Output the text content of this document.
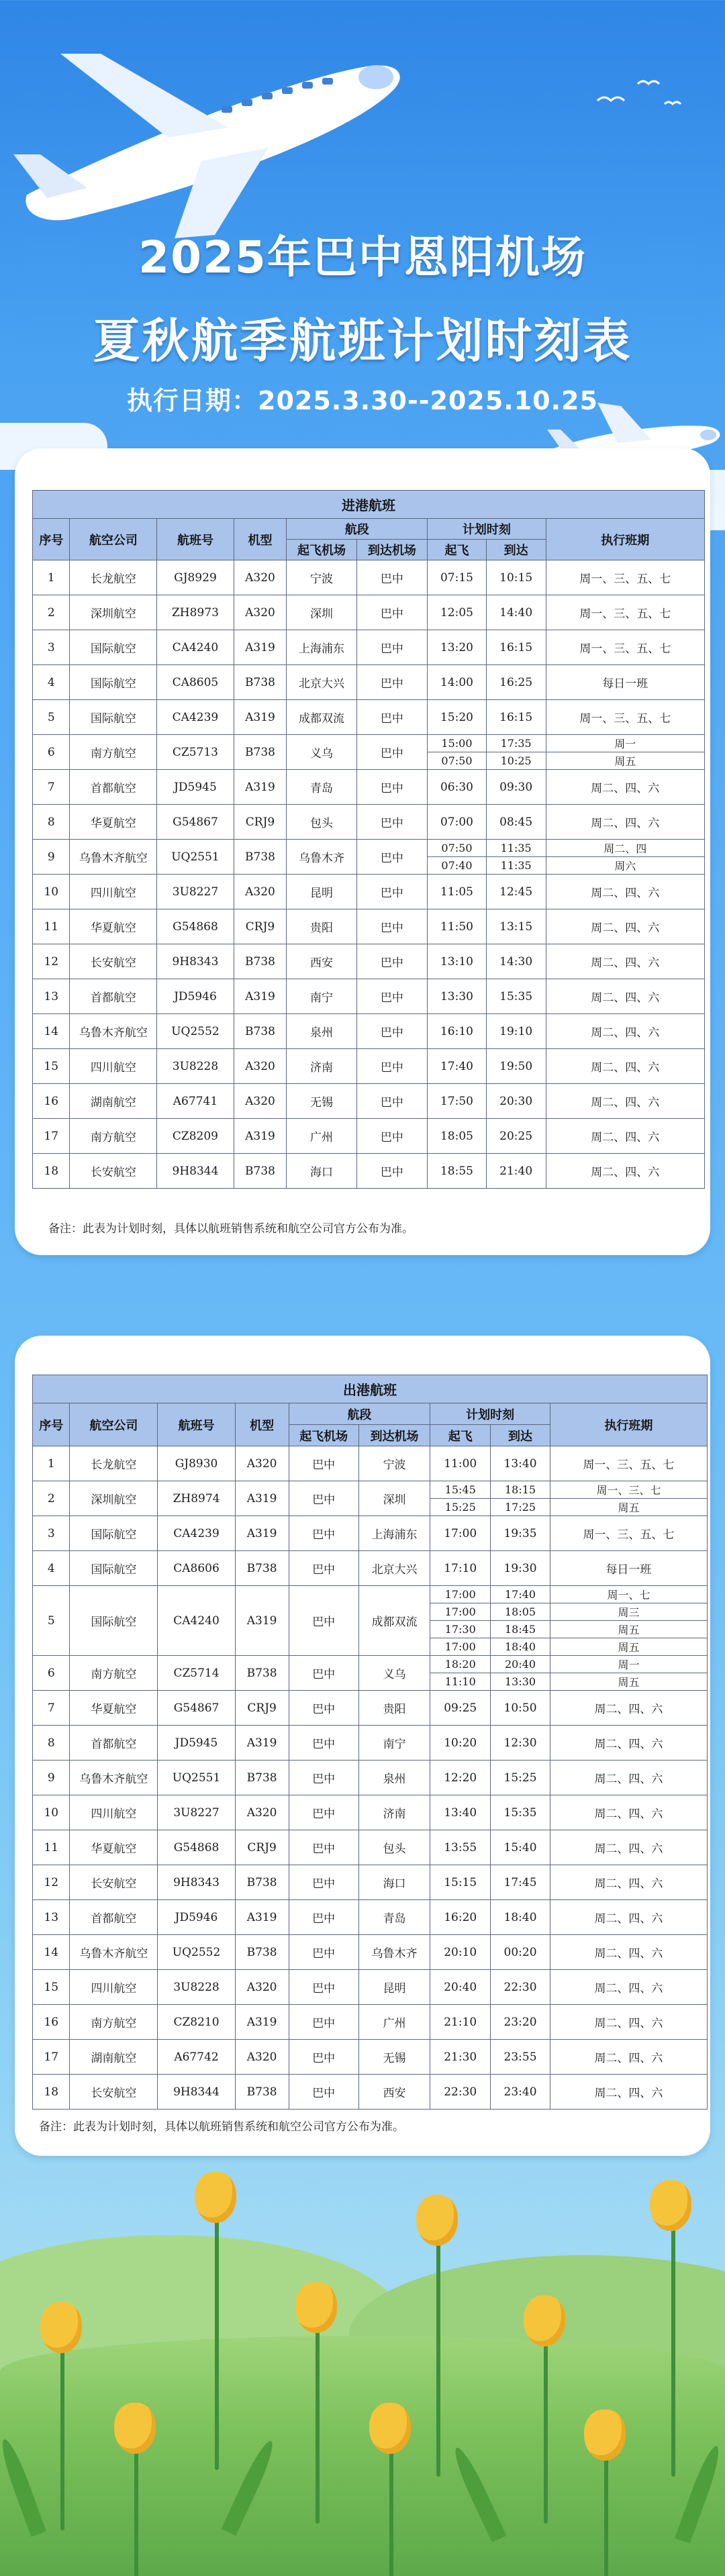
2025年巴中恩阳机场
夏秋航季航班计划时刻表
执行日期：2025.3.30--2025.10.25
进港航班								
序号	航空公司	航班号	机型	航段		计划时刻		执行班期
				起飞机场	到达机场	起飞	到达	
1	长龙航空	GJ8929	A320	宁波	巴中	07:15	10:15	周一、三、五、七
2	深圳航空	ZH8973	A320	深圳	巴中	12:05	14:40	周一、三、五、七
3	国际航空	CA4240	A319	上海浦东	巴中	13:20	16:15	周一、三、五、七
4	国际航空	CA8605	B738	北京大兴	巴中	14:00	16:25	每日一班
5	国际航空	CA4239	A319	成都双流	巴中	15:20	16:15	周一、三、五、七
6	南方航空	CZ5713	B738	义乌	巴中	15:00	17:35	周一
						07:50	10:25	周五
7	首都航空	JD5945	A319	青岛	巴中	06:30	09:30	周二、四、六
8	华夏航空	G54867	CRJ9	包头	巴中	07:00	08:45	周二、四、六
9	乌鲁木齐航空	UQ2551	B738	乌鲁木齐	巴中	07:50	11:35	周二、四
						07:40	11:35	周六
10	四川航空	3U8227	A320	昆明	巴中	11:05	12:45	周二、四、六
11	华夏航空	G54868	CRJ9	贵阳	巴中	11:50	13:15	周二、四、六
12	长安航空	9H8343	B738	西安	巴中	13:10	14:30	周二、四、六
13	首都航空	JD5946	A319	南宁	巴中	13:30	15:35	周二、四、六
14	乌鲁木齐航空	UQ2552	B738	泉州	巴中	16:10	19:10	周二、四、六
15	四川航空	3U8228	A320	济南	巴中	17:40	19:50	周二、四、六
16	湖南航空	A67741	A320	无锡	巴中	17:50	20:30	周二、四、六
17	南方航空	CZ8209	A319	广州	巴中	18:05	20:25	周二、四、六
18	长安航空	9H8344	B738	海口	巴中	18:55	21:40	周二、四、六
备注：此表为计划时刻，具体以航班销售系统和航空公司官方公布为准。
出港航班								
序号	航空公司	航班号	机型	航段		计划时刻		执行班期
				起飞机场	到达机场	起飞	到达	
1	长龙航空	GJ8930	A320	巴中	宁波	11:00	13:40	周一、三、五、七
2	深圳航空	ZH8974	A319	巴中	深圳	15:45	18:15	周一、三、七
						15:25	17:25	周五
3	国际航空	CA4239	A319	巴中	上海浦东	17:00	19:35	周一、三、五、七
4	国际航空	CA8606	B738	巴中	北京大兴	17:10	19:30	每日一班
5	国际航空	CA4240	A319	巴中	成都双流	17:00	17:40	周一、七
						17:00	18:05	周三
						17:30	18:45	周五
						17:00	18:40	周五
6	南方航空	CZ5714	B738	巴中	义乌	18:20	20:40	周一
						11:10	13:30	周五
7	华夏航空	G54867	CRJ9	巴中	贵阳	09:25	10:50	周二、四、六
8	首都航空	JD5945	A319	巴中	南宁	10:20	12:30	周二、四、六
9	乌鲁木齐航空	UQ2551	B738	巴中	泉州	12:20	15:25	周二、四、六
10	四川航空	3U8227	A320	巴中	济南	13:40	15:35	周二、四、六
11	华夏航空	G54868	CRJ9	巴中	包头	13:55	15:40	周二、四、六
12	长安航空	9H8343	B738	巴中	海口	15:15	17:45	周二、四、六
13	首都航空	JD5946	A319	巴中	青岛	16:20	18:40	周二、四、六
14	乌鲁木齐航空	UQ2552	B738	巴中	乌鲁木齐	20:10	00:20	周二、四、六
15	四川航空	3U8228	A320	巴中	昆明	20:40	22:30	周二、四、六
16	南方航空	CZ8210	A319	巴中	广州	21:10	23:20	周二、四、六
17	湖南航空	A67742	A320	巴中	无锡	21:30	23:55	周二、四、六
18	长安航空	9H8344	B738	巴中	西安	22:30	23:40	周二、四、六
备注：此表为计划时刻，具体以航班销售系统和航空公司官方公布为准。
